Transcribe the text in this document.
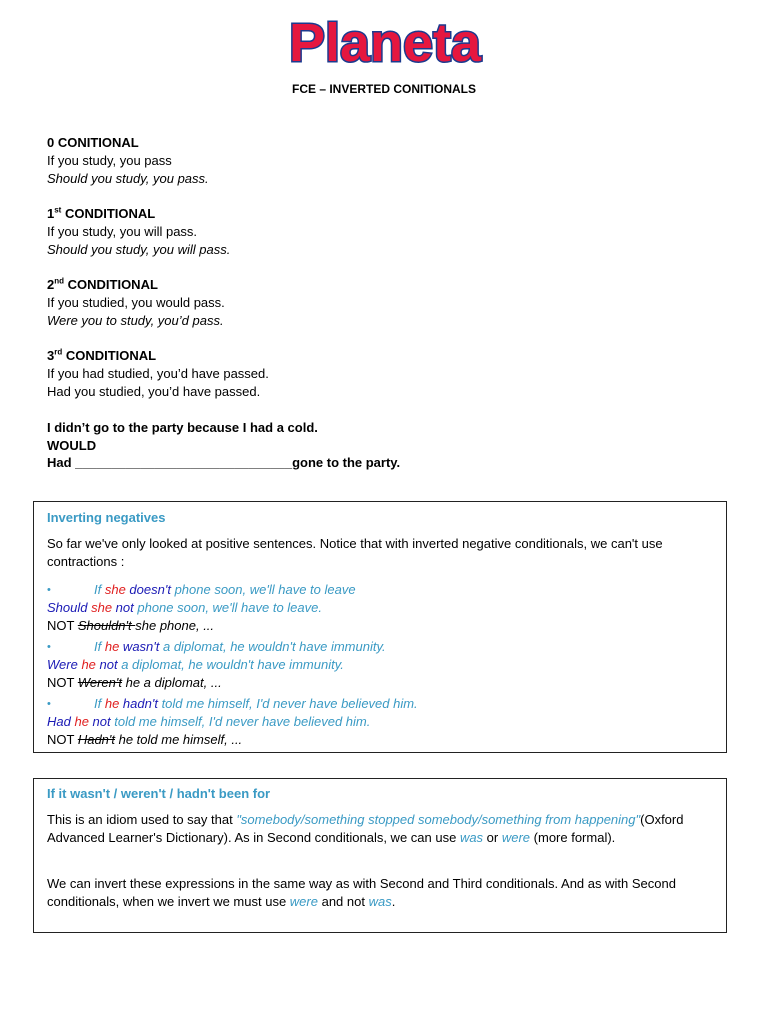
Planeta
FCE – INVERTED CONITIONALS
0 CONITIONAL
If you study, you pass
Should you study, you pass.
1st CONDITIONAL
If you study, you will pass.
Should you study, you will pass.
2nd CONDITIONAL
If you studied, you would pass.
Were you to study, you’d pass.
3rd CONDITIONAL
If you had studied, you’d have passed.
Had you studied, you’d have passed.
I didn’t go to the party because I had a cold.
WOULD
Had ______________________________gone to the party.
Inverting negatives
So far we've only looked at positive sentences. Notice that with inverted negative conditionals, we can't use contractions :
•	If she doesn't phone soon, we'll have to leave
Should she not phone soon, we'll have to leave.
NOT Shouldn't she phone, ...
•	If he wasn't a diplomat, he wouldn't have immunity.
Were he not a diplomat, he wouldn't have immunity.
NOT Weren't he a diplomat, ...
•	If he hadn't told me himself, I'd never have believed him.
Had he not told me himself, I'd never have believed him.
NOT Hadn't he told me himself, ...
If it wasn't / weren't / hadn't been for
This is an idiom used to say that "somebody/something stopped somebody/something from happening"(Oxford Advanced Learner's Dictionary). As in Second conditionals, we can use was or were (more formal).
We can invert these expressions in the same way as with Second and Third conditionals. And as with Second conditionals, when we invert we must use were and not was.
